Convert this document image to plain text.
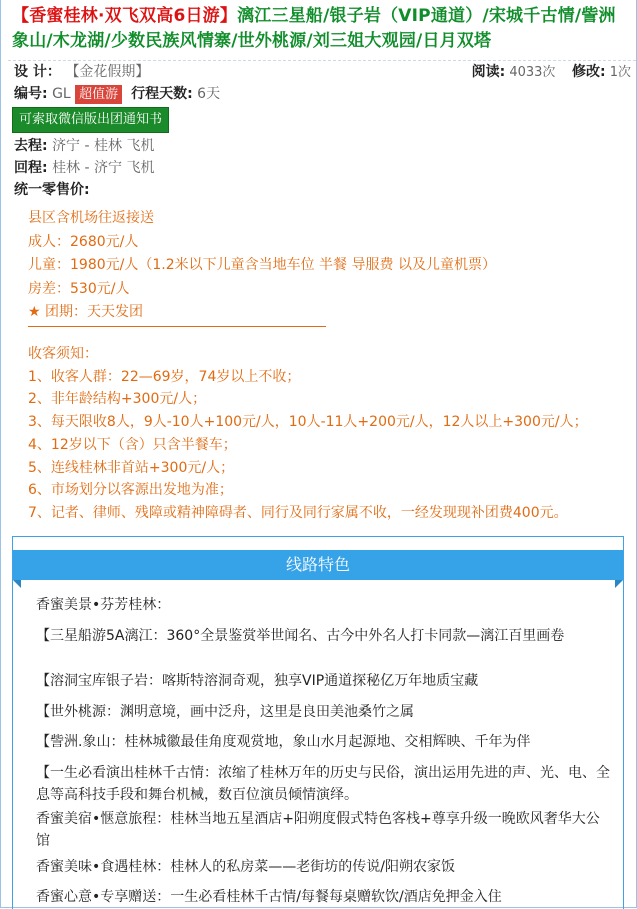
【香蜜桂林·双飞双高6日游】漓江三星船/银子岩（VIP通道）/宋城千古情/訾洲象山/木龙湖/少数民族风情寨/世外桃源/刘三姐大观园/日月双塔
设 计： 【金花假期】	阅读: 4033次 修改: 1次
编号: GL 超值游 行程天数: 6天
可索取微信版出团通知书
去程: 济宁 - 桂林 飞机
回程: 桂林 - 济宁 飞机
统一零售价:
县区含机场往返接送
成人：2680元/人
儿童：1980元/人（1.2米以下儿童含当地车位 半餐 导服费 以及儿童机票）
房差：530元/人
★ 团期：天天发团
收客须知：
1、收客人群：22—69岁，74岁以上不收；
2、非年龄结构+300元/人；
3、每天限收8人，9人-10人+100元/人，10人-11人+200元/人，12人以上+300元/人；
4、12岁以下（含）只含半餐车；
5、连线桂林非首站+300元/人；
6、市场划分以客源出发地为准；
7、记者、律师、残障或精神障碍者、同行及同行家属不收，一经发现现补团费400元。
线路特色
香蜜美景•芬芳桂林：
【三星船游5A漓江：360°全景鉴赏举世闻名、古今中外名人打卡同款—漓江百里画卷
【溶洞宝库银子岩：喀斯特溶洞奇观，独享VIP通道探秘亿万年地质宝藏
【世外桃源：渊明意境，画中泛舟，这里是良田美池桑竹之属
【訾洲.象山：桂林城徽最佳角度观赏地，象山水月起源地、交相辉映、千年为伴
【一生必看演出桂林千古情：浓缩了桂林万年的历史与民俗，演出运用先进的声、光、电、全息等高科技手段和舞台机械，数百位演员倾情演绎。
香蜜美宿•惬意旅程：桂林当地五星酒店+阳朔度假式特色客栈+尊享升级一晚欧风奢华大公馆
香蜜美味•食遇桂林：桂林人的私房菜——老街坊的传说/阳朔农家饭
香蜜心意•专享赠送：一生必看桂林千古情/每餐每桌赠软饮/酒店免押金入住
